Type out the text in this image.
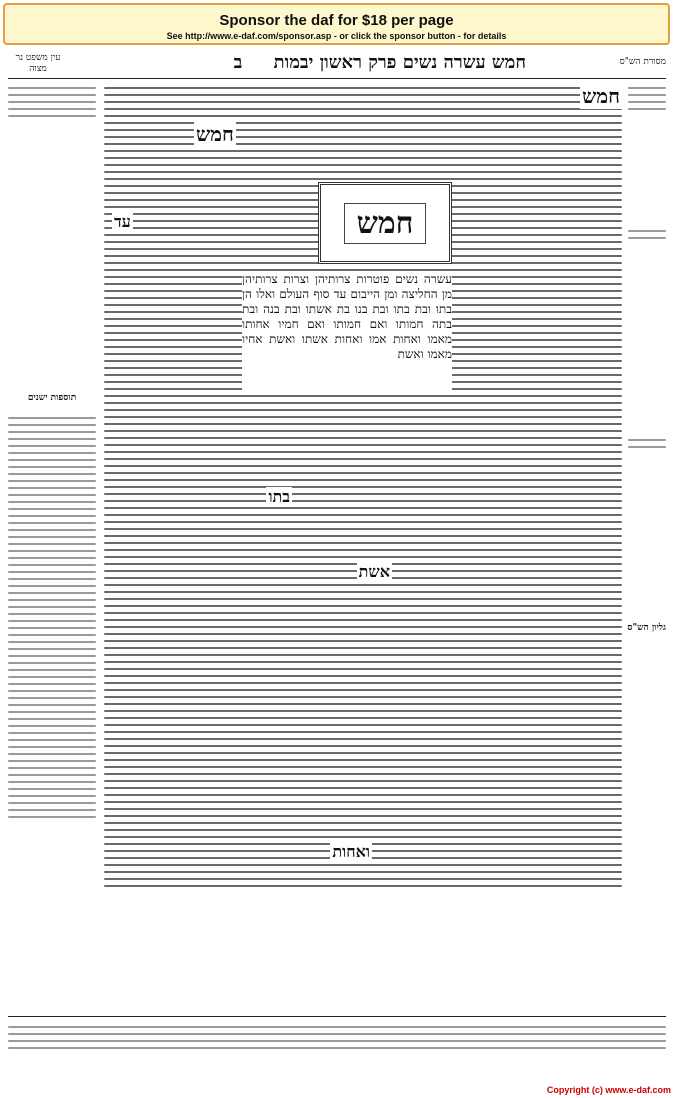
Sponsor the daf for $18 per page
See http://www.e-daf.com/sponsor.asp - or click the sponsor button - for details
מסורת הש"ס
חמש עשרה נשים פרק ראשון יבמות     ב
עין משפט נר מצוה
גליון הש"ס
תוספות ישנים
חמש
חמש
עד	חמש
עשרה נשים פוטרות צרותיהן וצרות צרותיהן מן החליצה ומן הייבום עד סוף העולם ואלו הן בתו ובת בתו ובת בנו בת אשתו ובת בנה ובת בתה חמותו ואם חמותו ואם חמיו אחותו מאמו ואחות אמו ואחות אשתו ואשת אחיו מאמו ואשת
בתו
אשת
ואחות
Copyright (c) www.e-daf.com
